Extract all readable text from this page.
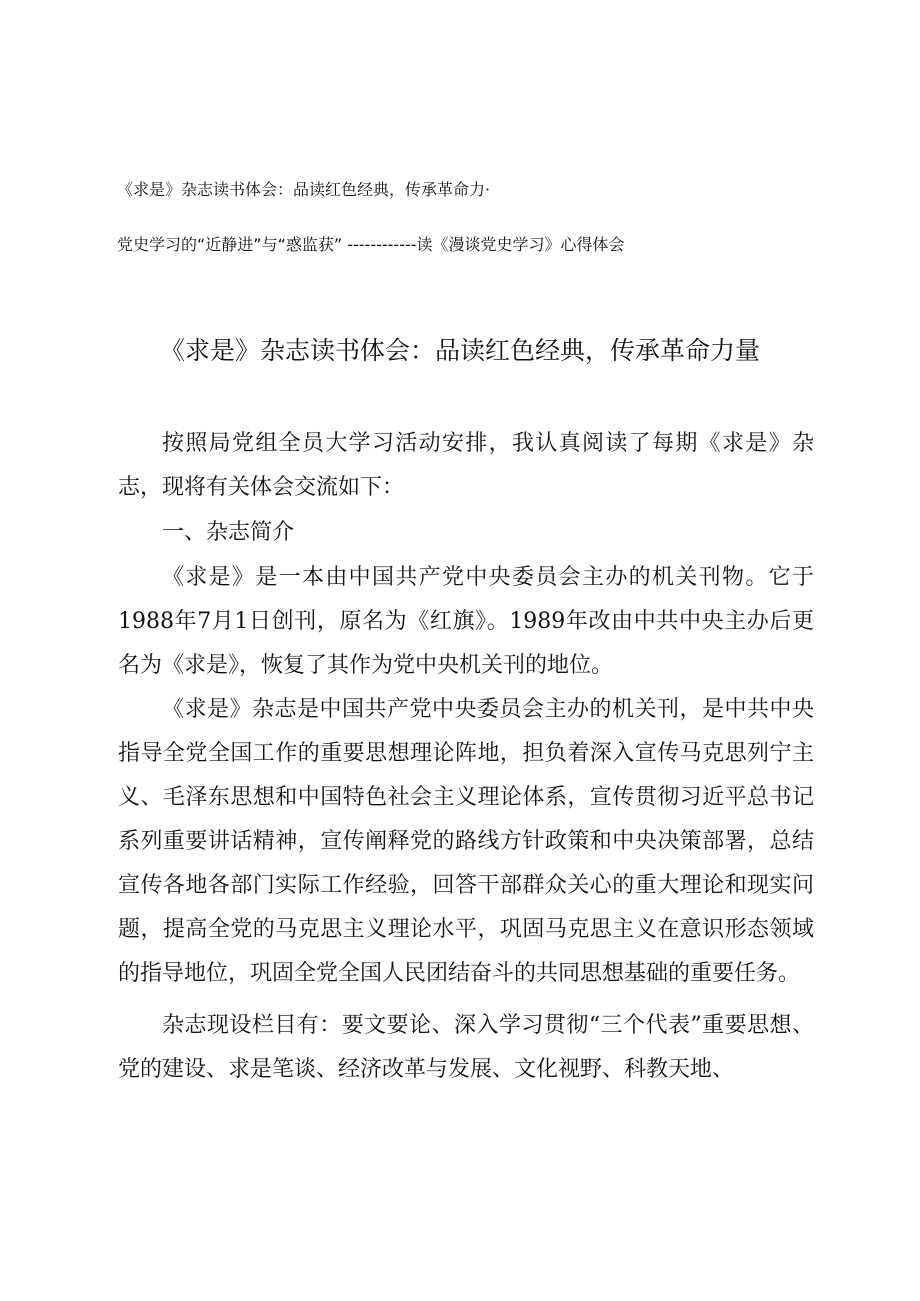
《求是》杂志读书体会：品读红色经典，传承革命力·
党史学习的“近静进”与“惑监获” ------------读《漫谈党史学习》心得体会
《求是》杂志读书体会：品读红色经典，传承革命力量

按照局党组全员大学习活动安排，我认真阅读了每期《求是》杂志，现将有关体会交流如下：

一、杂志简介

《求是》是一本由中国共产党中央委员会主办的机关刊物。它于1988年7月1日创刊，原名为《红旗》。1989年改由中共中央主办后更名为《求是》，恢复了其作为党中央机关刊的地位。

《求是》杂志是中国共产党中央委员会主办的机关刊，是中共中央指导全党全国工作的重要思想理论阵地，担负着深入宣传马克思列宁主义、毛泽东思想和中国特色社会主义理论体系，宣传贯彻习近平总书记系列重要讲话精神，宣传阐释党的路线方针政策和中央决策部署，总结宣传各地各部门实际工作经验，回答干部群众关心的重大理论和现实问题，提高全党的马克思主义理论水平，巩固马克思主义在意识形态领域的指导地位，巩固全党全国人民团结奋斗的共同思想基础的重要任务。

杂志现设栏目有：要文要论、深入学习贯彻“三个代表”重要思想、党的建设、求是笔谈、经济改革与发展、文化视野、科教天地、
